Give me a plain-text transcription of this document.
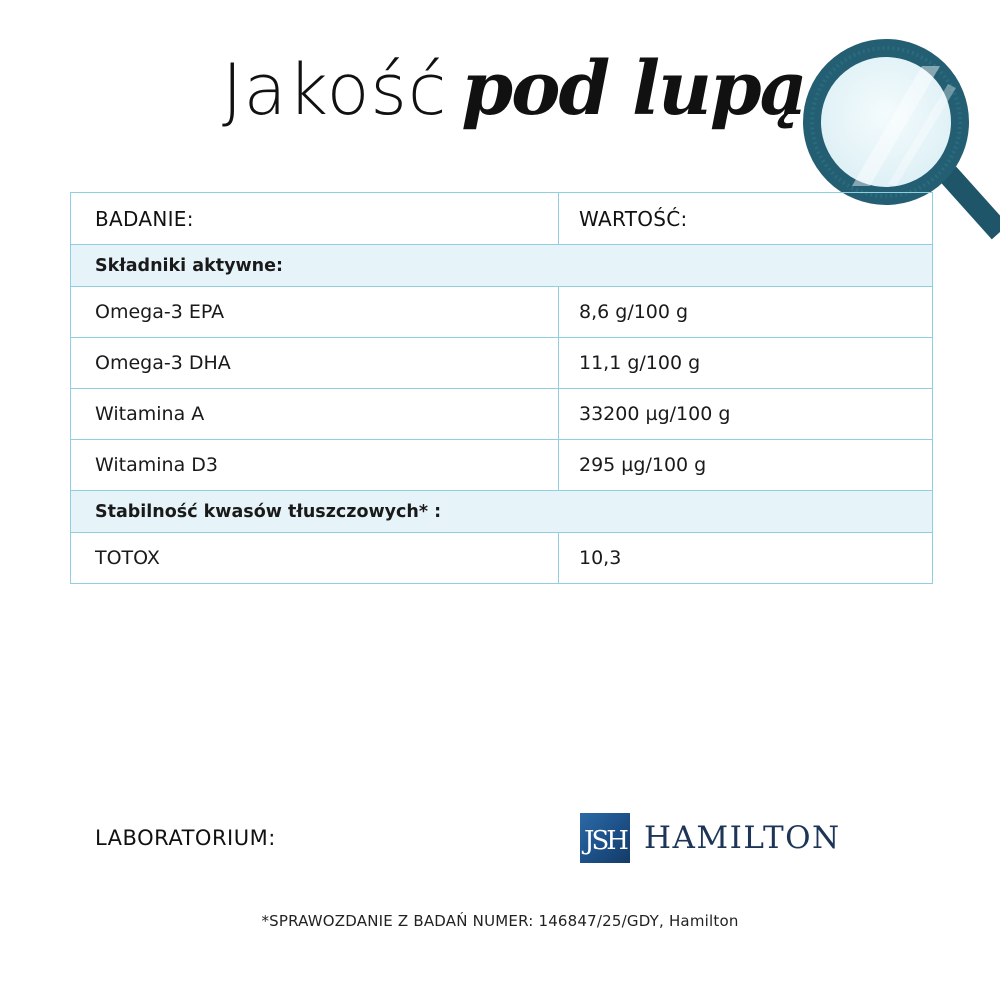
Jakość pod lupą
BADANIE:	WARTOŚĆ:
Składniki aktywne:	
Omega-3 EPA	8,6 g/100 g
Omega-3 DHA	11,1 g/100 g
Witamina A	33200 µg/100 g
Witamina D3	295 µg/100 g
Stabilność kwasów tłuszczowych* :	
TOTOX	10,3
LABORATORIUM:	JSH HAMILTON
*SPRAWOZDANIE Z BADAŃ NUMER: 146847/25/GDY, Hamilton
